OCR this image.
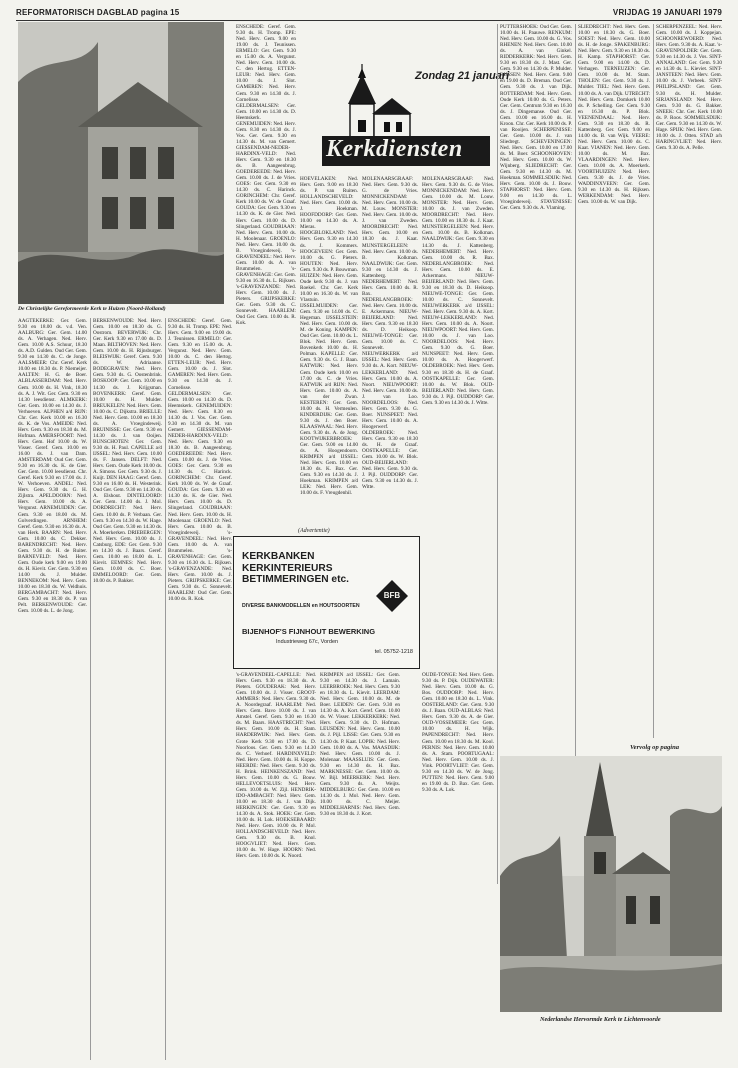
REFORMATORISCH DAGBLAD pagina 15	VRIJDAG 19 JANUARI 1979
De Christelijke Gereformeerde Kerk te Huizen (Noord-Holland)
Zondag 21 januari
Kerkdiensten

AAGTEKERKE: Ger. Gem. 9.30 en 18.00 ds. v.d. Ven. AALBURG: Ger. Gem. 14.00 ds. A. Verhagen. Ned. Herv. Gem. 10.00 A.S. Schuur, 18.30 ds. A.D. Gulden. Oud Ger. Gem. 9.30 en 14.30 ds. C. de Jonge. AALSMEER: Chr. Geref. Kerk 10.00 en 18.30 ds. P. Niemeijer. AALTEN: H. G. de Boer. ALBLASSERDAM: Ned. Herv. Gem. 10.00 ds. H. Vink, 18.30 ds. A. J. Wit. Ger. Gem. 9.30 en 14.30 leesdienst. ALMKERK: Ger. Gem. 10.00 en 14.30 ds. J. Verhoeven. ALPHEN a/d RIJN: Chr. Ger. Kerk 10.00 en 16.30 ds. K. de Vos. AMEIDE: Ned. Herv. Gem. 9.30 en 18.30 ds. M. Hofman. AMERSFOORT: Ned. Herv. Gem. Hof 10.00 ds. W. Visser. Geref. Gem. 10.00 en 16.00 ds. J. van Dam. AMSTERDAM: Oud Ger. Gem. 9.30 en 16.30 ds. K. de Gier. Ger. Gem. 10.00 leesdienst. Chr. Geref. Kerk 9.30 en 17.00 ds. J. W. Verhoeven. ANDEL: Ned. Herv. Gem. 9.30 ds. G. H. Zijlstra. APELDOORN: Ned. Herv. Gem. 10.00 ds. A. Vergunst. ARNEMUIDEN: Ger. Gem. 9.30 en 18.00 ds. M. Golverdingen. ARNHEM: Geref. Gem. 9.30 en 16.30 ds. A. van Herk. BAARN: Ned. Herv. Gem. 10.00 ds. C. Dekker. BARENDRECHT: Ned. Herv. Gem. 9.30 ds. H. de Ruiter. BARNEVELD: Ned. Herv. Gem. Oude kerk 9.00 en 19.00 ds. H. Kievit. Ger. Gem. 9.30 en 14.00 ds. J. Mulder. BENNEKOM: Ned. Herv. Gem. 10.00 en 18.30 ds. W. Veldhuis. BERGAMBACHT: Ned. Herv. Gem. 9.30 en 18.30 ds. P. van Pelt. BERKENWOUDE: Ger. Gem. 10.00 ds. L. de Jong.

BERKENWOUDE: Ned. Herv. Gem. 10.00 en 18.30 ds. G. Oostrom. BEVERWIJK: Chr. Ger. Kerk 9.30 en 17.00 ds. D. Maan. BILTHOVEN: Ned. Herv. Gem. 10.00 ds. H. Rijnsburger. BLEISWIJK: Geref. Gem. 9.30 ds. W. Adriaanse. BODEGRAVEN: Ned. Herv. Gem. 9.30 ds. G. Oostenbrink. BOSKOOP: Ger. Gem. 10.00 en 14.30 ds. J. Krijgsman. BOVENKERK: Geref. Gem. 10.00 ds. H. Mulder. BREUKELEN: Ned. Herv. Gem. 10.00 ds. C. Dijkstra. BRIELLE: Ned. Herv. Gem. 10.00 en 18.30 ds. A. Vroegindeweij. BRUINISSE: Ger. Gem. 9.30 en 14.30 ds. J. van Ooijen. BUNSCHOTEN: Ger. Gem. 9.30 ds. H. Paul. CAPELLE a/d IJSSEL: Ned. Herv. Gem. 10.00 ds. F. Jansen. DELFT: Ned. Herv. Gem. Oude Kerk 10.00 ds. A. Simons. Ger. Gem. 9.30 ds. J. Kuijt. DEN HAAG: Geref. Gem. 9.30 en 16.00 ds. H. Westerink. Oud Ger. Gem. 9.30 en 14.30 ds. A. Elshout. DINTELOORD: Ger. Gem. 14.00 ds. J. Mol. DORDRECHT: Ned. Herv. Gem. 10.00 ds. P. Verbaan. Ger. Gem. 9.30 en 14.30 ds. W. Hage. Oud Ger. Gem. 9.30 en 14.30 ds. A. Moerkerken. DRIEBERGEN: Ned. Herv. Gem. 10.00 ds. J. Catsburg. EDE: Ger. Gem. 9.30 en 14.30 ds. J. Baars. Geref. Gem. 10.00 en 18.00 ds. L. Kievit. EEMNES: Ned. Herv. Gem. 10.00 ds. C. Boer. EMMELOORD: Ger. Gem. 10.00 ds. P. Bakker.

ENSCHEDE: Geref. Gem. 9.30 ds. H. Tromp. EPE: Ned. Herv. Gem. 9.00 en 19.00 ds. J. Teunissen. ERMELO: Ger. Gem. 9.30 en 15.00 ds. A. Vergunst. Ned. Herv. Gem. 10.00 ds. C. den Hertog. ETTEN-LEUR: Ned. Herv. Gem. 10.00 ds. J. Slot. GAMEREN: Ned. Herv. Gem. 9.30 en 14.30 ds. J. Cornelisse. GELDERMALSEN: Ger. Gem. 10.00 en 14.30 ds. D. Heemskerk. GENEMUIDEN: Ned. Herv. Gem. 8.30 en 14.30 ds. J. Vos. Ger. Gem. 9.30 en 14.30 ds. M. van Gemert. GIESSENDAM-NEDER-HARDINX-VELD: Ned. Herv. Gem. 9.30 en 18.30 ds. B. Aangeenbrug. GOEDEREEDE: Ned. Herv. Gem. 10.00 ds. J. de Vries. GOES: Ger. Gem. 9.30 en 14.30 ds. C. Harinck. GORINCHEM: Chr. Geref. Kerk 10.00 ds. W. de Graaf. GOUDA: Ger. Gem. 9.30 en 14.30 ds. K. de Gier. Ned. Herv. Gem. 10.00 ds. D. Slingerland. GOUDRIAAN: Ned. Herv. Gem. 10.00 ds. H. Moolenaar. GROENLO: Ned. Herv. Gem. 10.00 ds. B. Vroegindeweij. 's-GRAVENDEEL: Ned. Herv. Gem. 10.00 ds. A. van Brummelen. 's-GRAVENHAGE: Ger. Gem. 9.30 en 16.30 ds. L. Rijksen. 's-GRAVENZANDE: Ned. Herv. Gem. 10.00 ds. J. Pieters. GRIJPSKERKE: Ger. Gem. 9.30 ds. C. Sonnevelt. HAARLEM: Oud Ger. Gem. 10.00 ds. R. Kok.

ENSCHEDE: Geref. Gem. 9.30 ds. H. Tromp. EPE: Ned. Herv. Gem. 9.00 en 19.00 ds. J. Teunissen. ERMELO: Ger. Gem. 9.30 en 15.00 ds. A. Vergunst. Ned. Herv. Gem. 10.00 ds. C. den Hertog. ETTEN-LEUR: Ned. Herv. Gem. 10.00 ds. J. Slot. GAMEREN: Ned. Herv. Gem. 9.30 en 14.30 ds. J. Cornelisse. GELDERMALSEN: Ger. Gem. 10.00 en 14.30 ds. D. Heemskerk. GENEMUIDEN: Ned. Herv. Gem. 8.30 en 14.30 ds. J. Vos. Ger. Gem. 9.30 en 14.30 ds. M. van Gemert. GIESSENDAM-NEDER-HARDINX-VELD: Ned. Herv. Gem. 9.30 en 18.30 ds. B. Aangeenbrug. GOEDEREEDE: Ned. Herv. Gem. 10.00 ds. J. de Vries. GOES: Ger. Gem. 9.30 en 14.30 ds. C. Harinck. GORINCHEM: Chr. Geref. Kerk 10.00 ds. W. de Graaf. GOUDA: Ger. Gem. 9.30 en 14.30 ds. K. de Gier. Ned. Herv. Gem. 10.00 ds. D. Slingerland. GOUDRIAAN: Ned. Herv. Gem. 10.00 ds. H. Moolenaar. GROENLO: Ned. Herv. Gem. 10.00 ds. B. Vroegindeweij. 's-GRAVENDEEL: Ned. Herv. Gem. 10.00 ds. A. van Brummelen. 's-GRAVENHAGE: Ger. Gem. 9.30 en 16.30 ds. L. Rijksen. 's-GRAVENZANDE: Ned. Herv. Gem. 10.00 ds. J. Pieters. GRIJPSKERKE: Ger. Gem. 9.30 ds. C. Sonnevelt. HAARLEM: Oud Ger. Gem. 10.00 ds. R. Kok.

HOEVELAKEN: Ned. Herv. Gem. 9.00 en 18.30 ds. P. van Ruiten. HOLLANDSCHEVELD: Ned. Herv. Gem. 10.00 ds. J. Hoekman. HOOFDDORP: Ger. Gem. 10.00 en 14.30 ds. A. Mieras. HOOGBLOKLAND: Ned. Herv. Gem. 9.30 en 14.30 ds. J. Kommers. HOOGEVEEN: Ger. Gem. 10.00 ds. G. Pieters. HOUTEN: Ned. Herv. Gem. 9.30 ds. P. Bouwman. HUIZEN: Ned. Herv. Gem. Oude kerk 9.30 ds. J. van Roekel. Chr. Ger. Kerk 10.00 en 16.30 ds. W. van Vlastuin. IJSSELMUIDEN: Ger. Gem. 9.30 en 14.00 ds. C. Hegeman. IJSSELSTEIN: Ned. Herv. Gem. 10.00 ds. M. de Koning. KAMPEN: Oud Ger. Gem. 10.00 ds. L. Blok. Ned. Herv. Gem. Bovenkerk 10.00 ds. H. Polman. KAPELLE: Ger. Gem. 9.30 ds. G. J. Baan. KATWIJK: Ned. Herv. Gem. Oude kerk 10.00 en 17.00 ds. C. de Vries. KATWIJK a/d RIJN: Ned. Herv. Gem. 10.00 ds. A. van der Zwan. KESTEREN: Ger. Gem. 10.00 ds. H. Vermeulen. KINDERDIJK: Ger. Gem. 9.30 ds. J. den Boer. KLAASWAAL: Ned. Herv. Gem. 9.30 ds. A. de Jong. KOOTWIJKERBROEK: Ger. Gem. 9.00 en 14.00 ds. A. Hoogendoorn. KRIMPEN a/d IJSSEL: Ned. Herv. Gem. 10.00 en 18.30 ds. K. Bax. Ger. Gem. 9.30 en 14.30 ds. J. Hoekman. KRIMPEN a/d LEK: Ned. Herv. Gem. 10.00 ds. F. Vreugdenhil.

MOLENAARSGRAAF: Ned. Herv. Gem. 9.30 ds. G. de Vries. MONNICKENDAM: Ned. Herv. Gem. 10.00 ds. M. Louw. MONSTER: Ned. Herv. Gem. 10.00 ds. J. van Zweden. MOORDRECHT: Ned. Herv. Gem. 10.00 en 18.30 ds. J. Kaat. MUNSTERGELEEN: Ned. Herv. Gem. 10.00 ds. B. Kolkman. NAALDWIJK: Ger. Gem. 9.30 en 14.30 ds. J. Kattenberg. NEDERHEMERT: Ned. Herv. Gem. 10.00 ds. R. Bax. NEDERLANGBROEK: Ned. Herv. Gem. 10.00 ds. E. Ackermans. NIEUW-BEIJERLAND: Ned. Herv. Gem. 9.30 en 18.30 ds. D. Heikoop. NIEUWE-TONGE: Ger. Gem. 10.00 ds. C. Sonnevelt. NIEUWERKERK a/d IJSSEL: Ned. Herv. Gem. 9.30 ds. A. Kort. NIEUW-LEKKERLAND: Ned. Herv. Gem. 10.00 ds. A. Noort. NIEUWPOORT: Ned. Herv. Gem. 10.00 ds. J. van Loo. NOORDELOOS: Ned. Herv. Gem. 9.30 ds. G. Boer. NUNSPEET: Ned. Herv. Gem. 10.00 ds. A. Hoogerwerf. OLDEBROEK: Ned. Herv. Gem. 9.30 en 18.30 ds. H. de Graaf. OOSTKAPELLE: Ger. Gem. 10.00 ds. W. Blok. OUD-BEIJERLAND: Ned. Herv. Gem. 9.30 ds. J. Pijl. OUDDORP: Ger. Gem. 9.30 en 14.30 ds. J. Witte.

MOLENAARSGRAAF: Ned. Herv. Gem. 9.30 ds. G. de Vries. MONNICKENDAM: Ned. Herv. Gem. 10.00 ds. M. Louw. MONSTER: Ned. Herv. Gem. 10.00 ds. J. van Zweden. MOORDRECHT: Ned. Herv. Gem. 10.00 en 18.30 ds. J. Kaat. MUNSTERGELEEN: Ned. Herv. Gem. 10.00 ds. B. Kolkman. NAALDWIJK: Ger. Gem. 9.30 en 14.30 ds. J. Kattenberg. NEDERHEMERT: Ned. Herv. Gem. 10.00 ds. R. Bax. NEDERLANGBROEK: Ned. Herv. Gem. 10.00 ds. E. Ackermans. NIEUW-BEIJERLAND: Ned. Herv. Gem. 9.30 en 18.30 ds. D. Heikoop. NIEUWE-TONGE: Ger. Gem. 10.00 ds. C. Sonnevelt. NIEUWERKERK a/d IJSSEL: Ned. Herv. Gem. 9.30 ds. A. Kort. NIEUW-LEKKERLAND: Ned. Herv. Gem. 10.00 ds. A. Noort. NIEUWPOORT: Ned. Herv. Gem. 10.00 ds. J. van Loo. NOORDELOOS: Ned. Herv. Gem. 9.30 ds. G. Boer. NUNSPEET: Ned. Herv. Gem. 10.00 ds. A. Hoogerwerf. OLDEBROEK: Ned. Herv. Gem. 9.30 en 18.30 ds. H. de Graaf. OOSTKAPELLE: Ger. Gem. 10.00 ds. W. Blok. OUD-BEIJERLAND: Ned. Herv. Gem. 9.30 ds. J. Pijl. OUDDORP: Ger. Gem. 9.30 en 14.30 ds. J. Witte.

PUTTERSHOEK: Oud Ger. Gem. 10.00 ds. H. Paauwe. RENKUM: Ned. Herv. Gem. 10.00 ds. G. Vos. RHENEN: Ned. Herv. Gem. 10.00 ds. A. van Ginkel. RIDDERKERK: Ned. Herv. Gem. 9.30 en 18.30 ds. J. Mast. Ger. Gem. 9.30 en 14.30 ds. P. Mulder. RIJSSEN: Ned. Herv. Gem. 9.00 en 19.00 ds. D. Breman. Oud Ger. Gem. 9.30 ds. J. van Dijk. ROTTERDAM: Ned. Herv. Gem. Oude Kerk 10.00 ds. G. Peters. Ger. Gem. Centrum 9.30 en 16.30 ds. J. Dingemanse. Oud Ger. Gem. 10.00 en 16.00 ds. H. Kroon. Chr. Ger. Kerk 10.00 ds. P. van Rooijen. SCHERPENISSE: Ger. Gem. 10.00 ds. J. van Sliedregt. SCHEVENINGEN: Ned. Herv. Gem. 10.00 en 17.00 ds. M. Boer. SCHOONHOVEN: Ned. Herv. Gem. 10.00 ds. W. Wijnberg. SLIEDRECHT: Ger. Gem. 9.30 en 14.30 ds. M. Hoekman. SOMMELSDIJK: Ned. Herv. Gem. 10.00 ds. J. Bouw. STAPHORST: Ned. Herv. Gem. 9.00 en 14.30 ds. L. Vroegindeweij. STAVENISSE: Ger. Gem. 9.30 ds. A. Vlaming.

SLIEDRECHT: Ned. Herv. Gem. 10.00 en 18.30 ds. G. Boer. SOEST: Ned. Herv. Gem. 10.00 ds. H. de Jonge. SPAKENBURG: Ned. Herv. Gem. 9.30 en 18.30 ds. H. Kamp. STAPHORST: Ger. Gem. 9.00 en 14.00 ds. D. Verhagen. TERNEUZEN: Ger. Gem. 10.00 ds. M. Stam. THOLEN: Ger. Gem. 9.30 ds. J. Mulder. TIEL: Ned. Herv. Gem. 10.00 ds. A. van Dijk. UTRECHT: Ned. Herv. Gem. Domkerk 10.00 ds. P. Schelling. Ger. Gem. 9.30 en 16.30 ds. P. Blok. VEENENDAAL: Ned. Herv. Gem. 9.30 en 18.30 ds. R. Kattenberg. Ger. Gem. 9.00 en 14.00 ds. B. van Wijk. VEERE: Ned. Herv. Gem. 10.00 ds. C. Kaat. VIANEN: Ned. Herv. Gem. 10.00 ds. M. Bax. VLAARDINGEN: Ned. Herv. Gem. 10.00 ds. A. Moerkerk. VOORTHUIZEN: Ned. Herv. Gem. 9.30 ds. J. de Vries. WADDINXVEEN: Ger. Gem. 9.30 en 14.30 ds. H. Rijksen. WERKENDAM: Ned. Herv. Gem. 10.00 ds. W. van Dijk.

SCHERPENZEEL: Ned. Herv. Gem. 10.00 ds. J. Koppejan. SCHOONREWOERD: Ned. Herv. Gem. 9.30 ds. A. Kaat. 's-GRAVENPOLDER: Ger. Gem. 9.30 en 14.30 ds. J. Vos. SINT-ANNALAND: Ger. Gem. 9.30 en 14.30 ds. L. Kieviet. SINT-JANSTEEN: Ned. Herv. Gem. 10.00 ds. J. Verbeek. SINT-PHILIPSLAND: Ger. Gem. 9.30 ds. H. Mulder. SIRJANSLAND: Ned. Herv. Gem. 9.30 ds. G. Bakker. SNEEK: Chr. Ger. Kerk 10.00 ds. P. Roos. SOMMELSDIJK: Ger. Gem. 9.30 en 14.30 ds. W. Hage. SPIJK: Ned. Herv. Gem. 10.00 ds. J. Otten. STAD a/h HARINGVLIET: Ned. Herv. Gem. 9.30 ds. A. Pelle.

Vervolg op pagina
(Advertentie)
KERKBANKEN
KERKINTERIEURS
BETIMMERINGEN etc.
DIVERSE BANKMODELLEN en HOUTSOORTEN
BFB
BIJENHOF'S FIJNHOUT BEWERKING
Industrieweg 67c, Vorden
tel. 05752-1218

's-GRAVENDEEL-CAPELLE: Ned. Herv. Gem. 9.30 en 18.30 ds. A. Pieters. GOUDERAK: Ned. Herv. Gem. 10.00 ds. J. Visser. GROOT-AMMERS: Ned. Herv. Gem. 9.30 ds. A. Noordegraaf. HAARLEM: Ned. Herv. Gem. Bavo 10.00 ds. J. van Amstel. Geref. Gem. 9.30 en 16.30 ds. M. Baars. HAASTRECHT: Ned. Herv. Gem. 10.00 ds. H. Stam. HARDERWIJK: Ned. Herv. Gem. Grote Kerk 9.30 en 17.00 ds. D. Noorloos. Ger. Gem. 9.30 en 14.30 ds. C. Verhoef. HARDINXVELD: Ned. Herv. Gem. 10.00 ds. H. Koppe. HEERDE: Ned. Herv. Gem. 9.30 ds. H. Brink. HEINKENSZAND: Ned. Herv. Gem. 10.00 ds. G. Bouw. HELLEVOETSLUIS: Ned. Herv. Gem. 10.00 ds. W. Zijl. HENDRIK-IDO-AMBACHT: Ned. Herv. Gem. 10.00 en 18.30 ds. J. van Dijk. HERKINGEN: Ger. Gem. 9.30 en 14.30 ds. A. Stok. HOEK: Ger. Gem. 10.00 ds. H. Lok. HOEKSEBAARD: Ned. Herv. Gem. 10.00 ds. P. Mol. HOLLANDSCHEVELD: Ned. Herv. Gem. 9.30 ds. B. Knol. HOOGVLIET: Ned. Herv. Gem. 10.00 ds. W. Hage. HOORN: Ned. Herv. Gem. 10.00 ds. K. Noord.

KRIMPEN a/d IJSSEL: Ger. Gem. 9.30 en 14.30 ds. J. Lamain. LEERBROEK: Ned. Herv. Gem. 9.30 en 18.30 ds. L. Kievit. LEERDAM: Ned. Herv. Gem. 10.00 ds. M. de Boer. LEIDEN: Ger. Gem. 9.30 en 14.30 ds. A. Kort. Geref. Gem. 10.00 ds. W. Visser. LEKKERKERK: Ned. Herv. Gem. 9.30 ds. D. Hofman. LEUSDEN: Ned. Herv. Gem. 10.00 ds. J. Pijl. LISSE: Ger. Gem. 9.30 en 14.30 ds. P. Kaat. LOPIK: Ned. Herv. Gem. 10.00 ds. A. Vos. MAASDIJK: Ned. Herv. Gem. 10.00 ds. J. Molenaar. MAASSLUIS: Ger. Gem. 9.30 en 14.30 ds. H. Bax. MARKNESSE: Ger. Gem. 10.00 ds. W. Bijl. MEERKERK: Ned. Herv. Gem. 9.30 ds. A. Weijts. MIDDELBURG: Ger. Gem. 10.00 en 14.30 ds. J. Mol. Ned. Herv. Gem. 10.00 ds. C. Meijer. MIDDELHARNIS: Ned. Herv. Gem. 9.30 en 18.30 ds. J. Kort.

OUDE-TONGE: Ned. Herv. Gem. 9.30 ds. P. Dijk. OUDEWATER: Ned. Herv. Gem. 10.00 ds. G. Bos. OUDDORP: Ned. Herv. Gem. 10.00 en 18.30 ds. L. Vink. OOSTERLAND: Ger. Gem. 9.30 ds. J. Baan. OUD-ALBLAS: Ned. Herv. Gem. 9.30 ds. A. de Gier. OUD-VOSSEMEER: Ger. Gem. 10.00 ds. H. Wijk. PAPENDRECHT: Ned. Herv. Gem. 10.00 en 18.30 ds. M. Kool. PERNIS: Ned. Herv. Gem. 10.00 ds. A. Stam. POORTUGAAL: Ned. Herv. Gem. 10.00 ds. J. Vink. POORTVLIET: Ger. Gem. 9.30 en 14.30 ds. W. de Jong. PUTTEN: Ned. Herv. Gem. 9.00 en 19.00 ds. D. Bax. Ger. Gem. 9.30 ds. A. Lok.

Nederlandse Hervormde Kerk te Lichtenvoorde
